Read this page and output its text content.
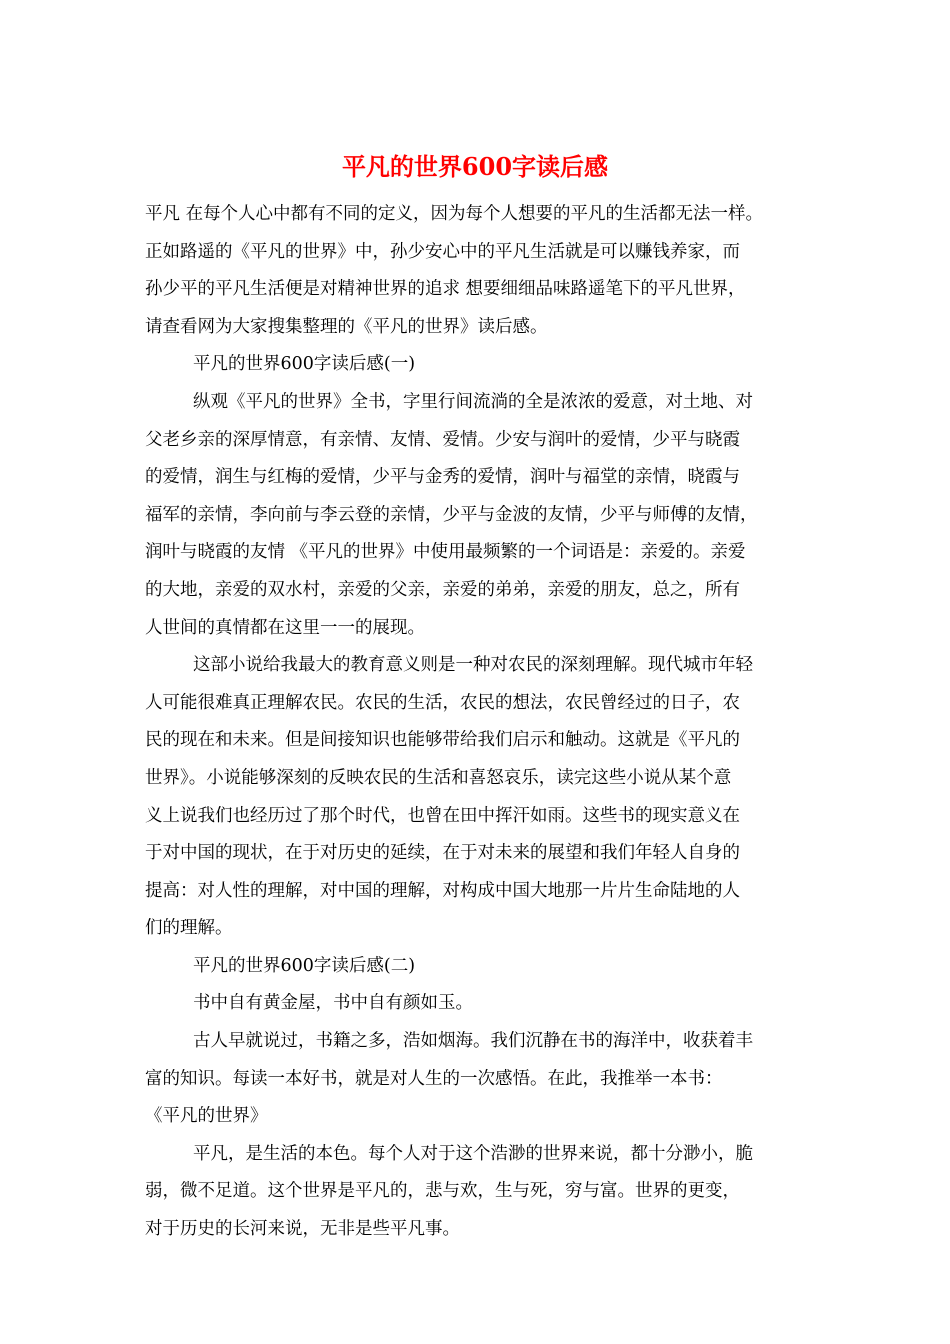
平凡的世界600字读后感
平凡 在每个人心中都有不同的定义，因为每个人想要的平凡的生活都无法一样。
正如路遥的《平凡的世界》中，孙少安心中的平凡生活就是可以赚钱养家，而
孙少平的平凡生活便是对精神世界的追求 想要细细品味路遥笔下的平凡世界，
请查看网为大家搜集整理的《平凡的世界》读后感。
平凡的世界600字读后感(一)
纵观《平凡的世界》全书，字里行间流淌的全是浓浓的爱意，对土地、对
父老乡亲的深厚情意，有亲情、友情、爱情。少安与润叶的爱情，少平与晓霞
的爱情，润生与红梅的爱情，少平与金秀的爱情，润叶与福堂的亲情，晓霞与
福军的亲情，李向前与李云登的亲情，少平与金波的友情，少平与师傅的友情，
润叶与晓霞的友情 《平凡的世界》中使用最频繁的一个词语是：亲爱的。亲爱
的大地，亲爱的双水村，亲爱的父亲，亲爱的弟弟，亲爱的朋友，总之，所有
人世间的真情都在这里一一的展现。
这部小说给我最大的教育意义则是一种对农民的深刻理解。现代城市年轻
人可能很难真正理解农民。农民的生活，农民的想法，农民曾经过的日子，农
民的现在和未来。但是间接知识也能够带给我们启示和触动。这就是《平凡的
世界》。小说能够深刻的反映农民的生活和喜怒哀乐，读完这些小说从某个意
义上说我们也经历过了那个时代，也曾在田中挥汗如雨。这些书的现实意义在
于对中国的现状，在于对历史的延续，在于对未来的展望和我们年轻人自身的
提高：对人性的理解，对中国的理解，对构成中国大地那一片片生命陆地的人
们的理解。
平凡的世界600字读后感(二)
书中自有黄金屋，书中自有颜如玉。
古人早就说过，书籍之多，浩如烟海。我们沉静在书的海洋中，收获着丰
富的知识。每读一本好书，就是对人生的一次感悟。在此，我推举一本书：
《平凡的世界》
平凡，是生活的本色。每个人对于这个浩渺的世界来说，都十分渺小，脆
弱，微不足道。这个世界是平凡的，悲与欢，生与死，穷与富。世界的更变，
对于历史的长河来说，无非是些平凡事。
